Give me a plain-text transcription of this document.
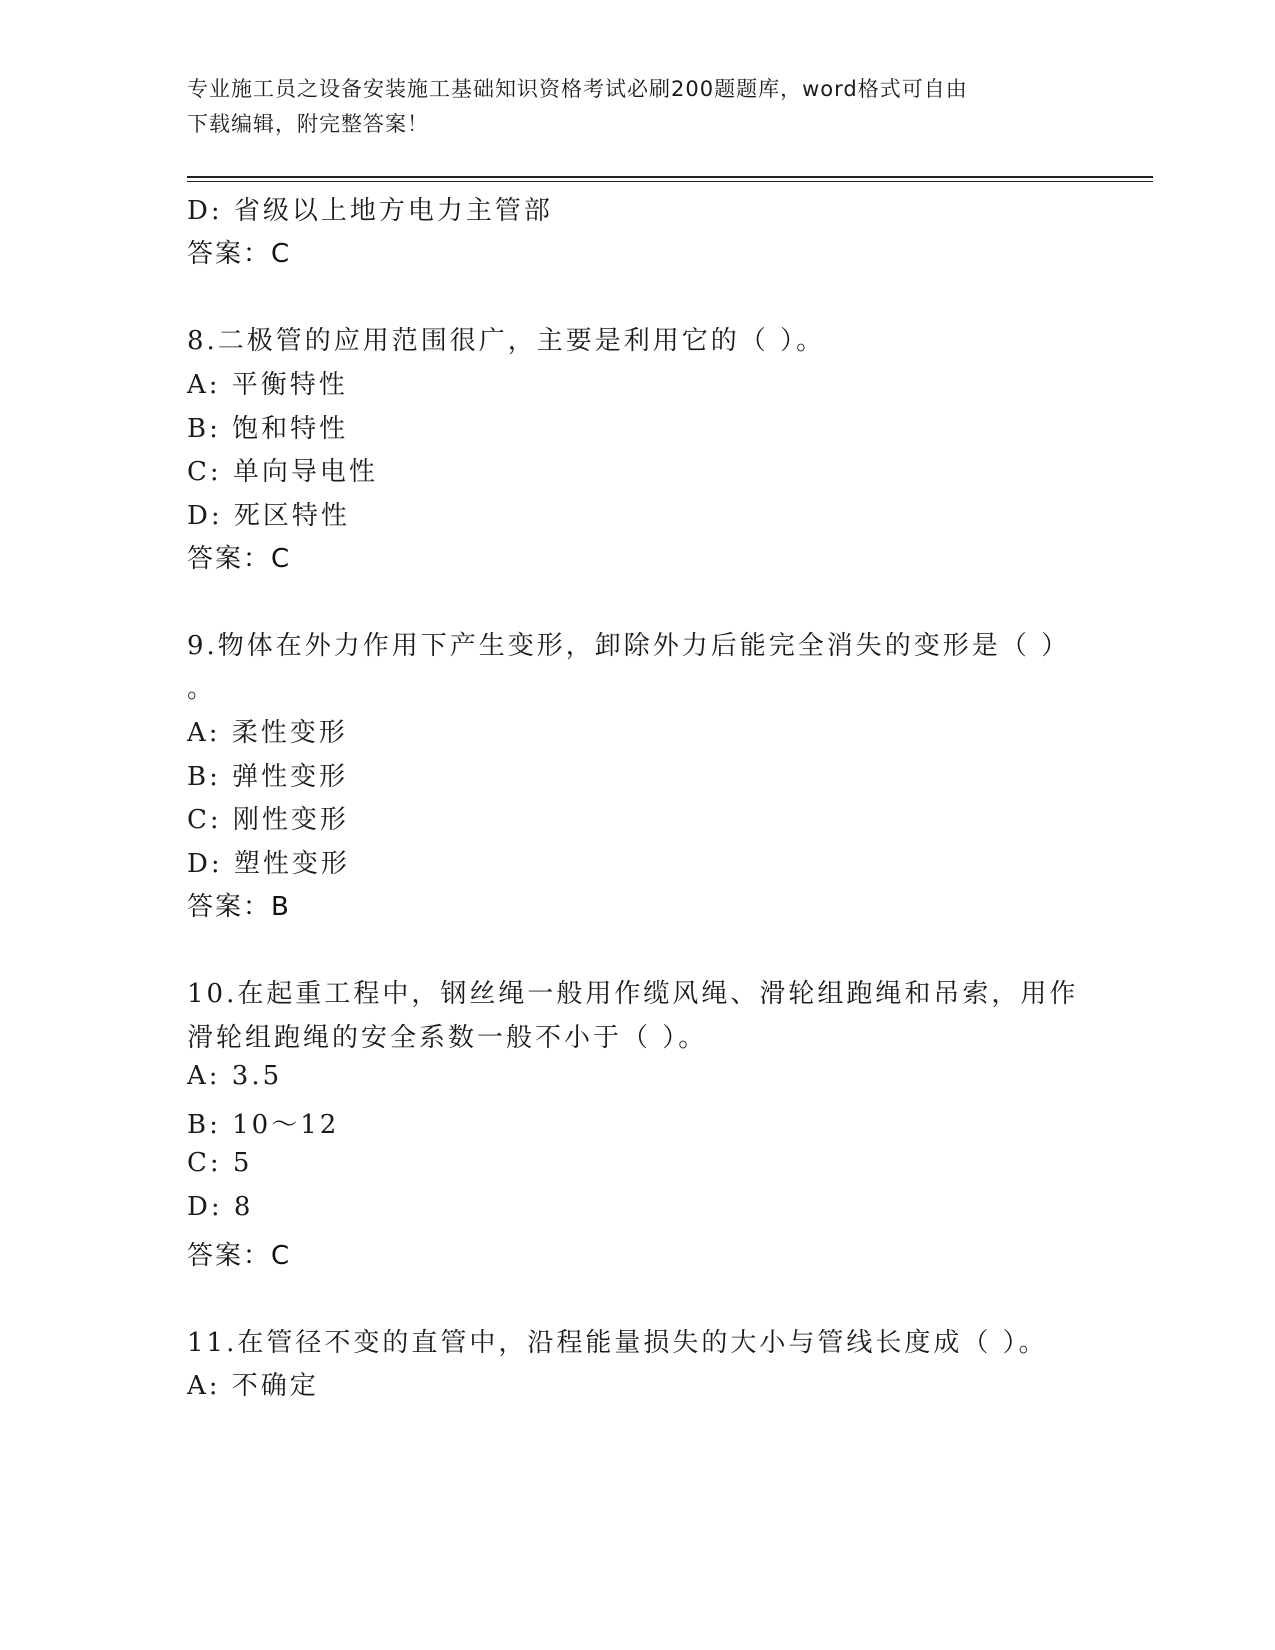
专业施工员之设备安装施工基础知识资格考试必刷200题题库，word格式可自由
下载编辑，附完整答案！
D: 省级以上地方电力主管部
答案：C
8.二极管的应用范围很广，主要是利用它的（ ）。
A: 平衡特性
B: 饱和特性
C: 单向导电性
D: 死区特性
答案：C
9.物体在外力作用下产生变形，卸除外力后能完全消失的变形是（ ）
。
A: 柔性变形
B: 弹性变形
C: 刚性变形
D: 塑性变形
答案：B
10.在起重工程中，钢丝绳一般用作缆风绳、滑轮组跑绳和吊索，用作
滑轮组跑绳的安全系数一般不小于（ ）。
A: 3.5
B: 10～12
C: 5
D: 8
答案：C
11.在管径不变的直管中，沿程能量损失的大小与管线长度成（ ）。
A: 不确定
